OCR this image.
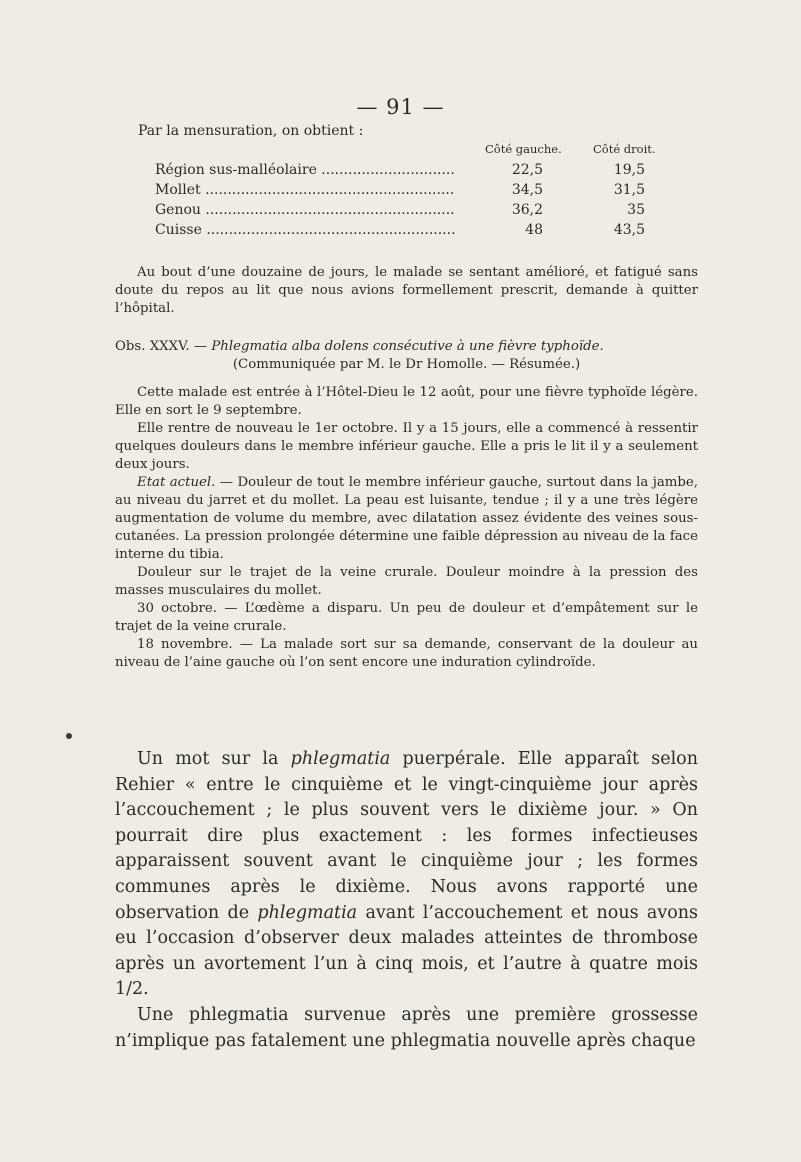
— 91 —
Par la mensuration, on obtient :
Côté gauche.	Côté droit.
Région sus-malléolaire .....	22,5	19,5
Mollet .....	34,5	31,5
Genou .....	36,2	35
Cuisse .....	48	43,5

Au bout d’une douzaine de jours, le malade se sentant amélioré, et fatigué sans doute du repos au lit que nous avions formellement prescrit, demande à quitter l’hôpital.

Obs. XXXV. — Phlegmatia alba dolens consécutive à une fièvre typhoïde.
(Communiquée par M. le Dr Homolle. — Résumée.)

Cette malade est entrée à l’Hôtel-Dieu le 12 août, pour une fièvre typhoïde légère. Elle en sort le 9 septembre.

Elle rentre de nouveau le 1er octobre. Il y a 15 jours, elle a commencé à ressentir quelques douleurs dans le membre inférieur gauche. Elle a pris le lit il y a seulement deux jours.

Etat actuel. — Douleur de tout le membre inférieur gauche, surtout dans la jambe, au niveau du jarret et du mollet. La peau est luisante, tendue ; il y a une très légère augmentation de volume du membre, avec dilatation assez évidente des veines sous-cutanées. La pression prolongée détermine une faible dépression au niveau de la face interne du tibia.

Douleur sur le trajet de la veine crurale. Douleur moindre à la pression des masses musculaires du mollet.

30 octobre. — L’œdème a disparu. Un peu de douleur et d’empâtement sur le trajet de la veine crurale.

18 novembre. — La malade sort sur sa demande, conservant de la douleur au niveau de l’aine gauche où l’on sent encore une induration cylindroïde.

Un mot sur la phlegmatia puerpérale. Elle apparaît selon Rehier « entre le cinquième et le vingt-cinquième jour après l’accouchement ; le plus souvent vers le dixième jour. » On pourrait dire plus exactement : les formes infectieuses apparaissent souvent avant le cinquième jour ; les formes communes après le dixième. Nous avons rapporté une observation de phlegmatia avant l’accouchement et nous avons eu l’occasion d’observer deux malades atteintes de thrombose après un avortement l’un à cinq mois, et l’autre à quatre mois 1/2.

Une phlegmatia survenue après une première grossesse n’implique pas fatalement une phlegmatia nouvelle après chaque
